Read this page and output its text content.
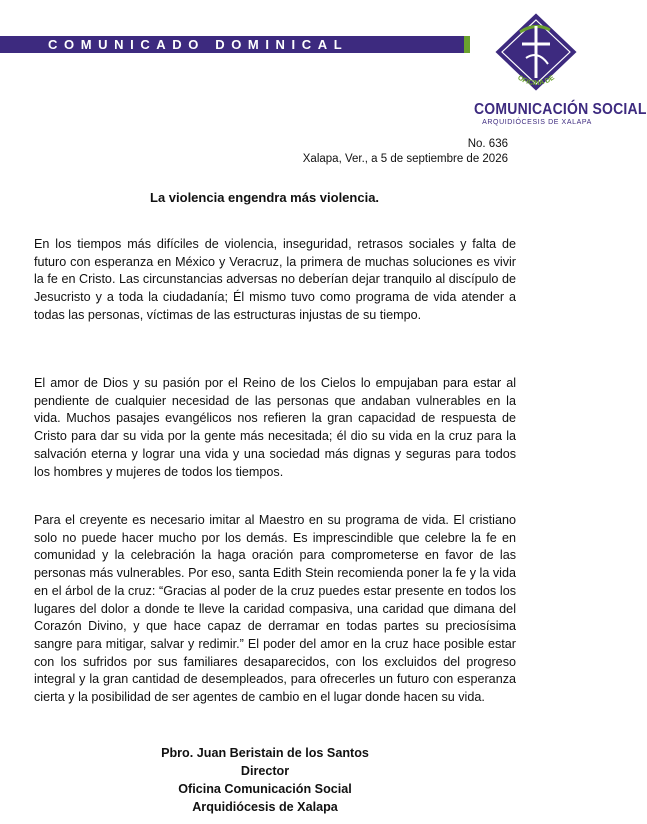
COMUNICADO DOMINICAL
OFICINA DE
COMUNICACIÓN SOCIAL
ARQUIDIÓCESIS DE XALAPA
No. 636
Xalapa, Ver., a 5 de septiembre de 2026
La violencia engendra más violencia.

En los tiempos más difíciles de violencia, inseguridad, retrasos sociales y falta de futuro con esperanza en México y Veracruz, la primera de muchas soluciones es vivir la fe en Cristo. Las circunstancias adversas no deberían dejar tranquilo al discípulo de Jesucristo y a toda la ciudadanía; Él mismo tuvo como programa de vida atender a todas las personas, víctimas de las estructuras injustas de su tiempo.

El amor de Dios y su pasión por el Reino de los Cielos lo empujaban para estar al pendiente de cualquier necesidad de las personas que andaban vulnerables en la vida. Muchos pasajes evangélicos nos refieren la gran capacidad de respuesta de Cristo para dar su vida por la gente más necesitada; él dio su vida en la cruz para la salvación eterna y lograr una vida y una sociedad más dignas y seguras para todos los hombres y mujeres de todos los tiempos.

Para el creyente es necesario imitar al Maestro en su programa de vida. El cristiano solo no puede hacer mucho por los demás. Es imprescindible que celebre la fe en comunidad y la celebración la haga oración para comprometerse en favor de las personas más vulnerables. Por eso, santa Edith Stein recomienda poner la fe y la vida en el árbol de la cruz: “Gracias al poder de la cruz puedes estar presente en todos los lugares del dolor a donde te lleve la caridad compasiva, una caridad que dimana del Corazón Divino, y que hace capaz de derramar en todas partes su preciosísima sangre para mitigar, salvar y redimir.” El poder del amor en la cruz hace posible estar con los sufridos por sus familiares desaparecidos, con los excluidos del progreso integral y la gran cantidad de desempleados, para ofrecerles un futuro con esperanza cierta y la posibilidad de ser agentes de cambio en el lugar donde hacen su vida.

Pbro. Juan Beristain de los Santos
Director
Oficina Comunicación Social
Arquidiócesis de Xalapa
